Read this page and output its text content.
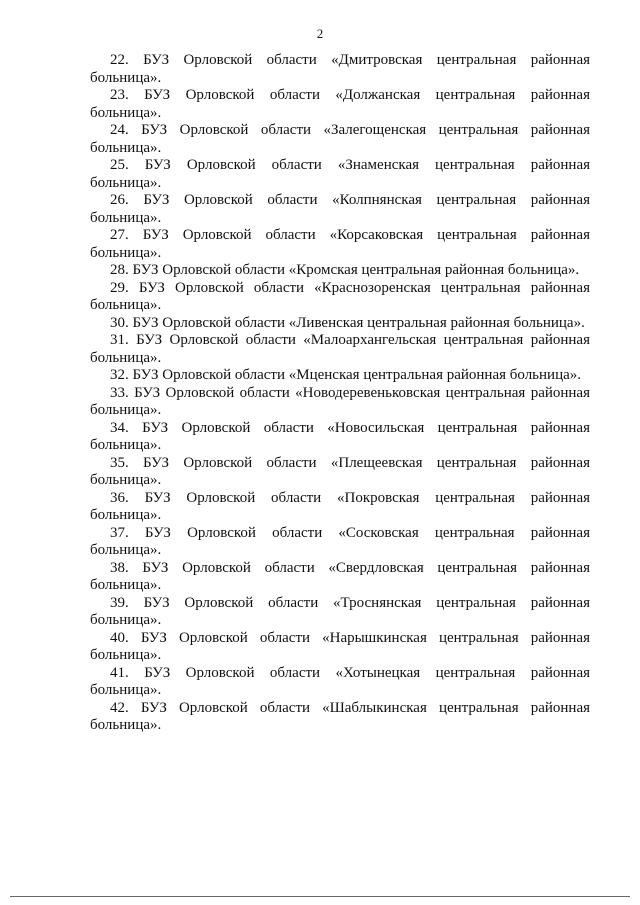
2
22. БУЗ Орловской области «Дмитровская центральная районная больница».
23. БУЗ Орловской области «Должанская центральная районная больница».
24. БУЗ Орловской области «Залегощенская центральная районная больница».
25. БУЗ Орловской области «Знаменская центральная районная больница».
26. БУЗ Орловской области «Колпнянская центральная районная больница».
27. БУЗ Орловской области «Корсаковская центральная районная больница».
28. БУЗ Орловской области «Кромская центральная районная больница».
29. БУЗ Орловской области «Краснозоренская центральная районная больница».
30. БУЗ Орловской области «Ливенская центральная районная больница».
31. БУЗ Орловской области «Малоархангельская центральная районная больница».
32. БУЗ Орловской области «Мценская центральная районная больница».
33. БУЗ Орловской области «Новодеревеньковская центральная районная больница».
34. БУЗ Орловской области «Новосильская центральная районная больница».
35. БУЗ Орловской области «Плещеевская центральная районная больница».
36. БУЗ Орловской области «Покровская центральная районная больница».
37. БУЗ Орловской области «Сосковская центральная районная больница».
38. БУЗ Орловской области «Свердловская центральная районная больница».
39. БУЗ Орловской области «Троснянская центральная районная больница».
40. БУЗ Орловской области «Нарышкинская центральная районная больница».
41. БУЗ Орловской области «Хотынецкая центральная районная больница».
42. БУЗ Орловской области «Шаблыкинская центральная районная больница».
